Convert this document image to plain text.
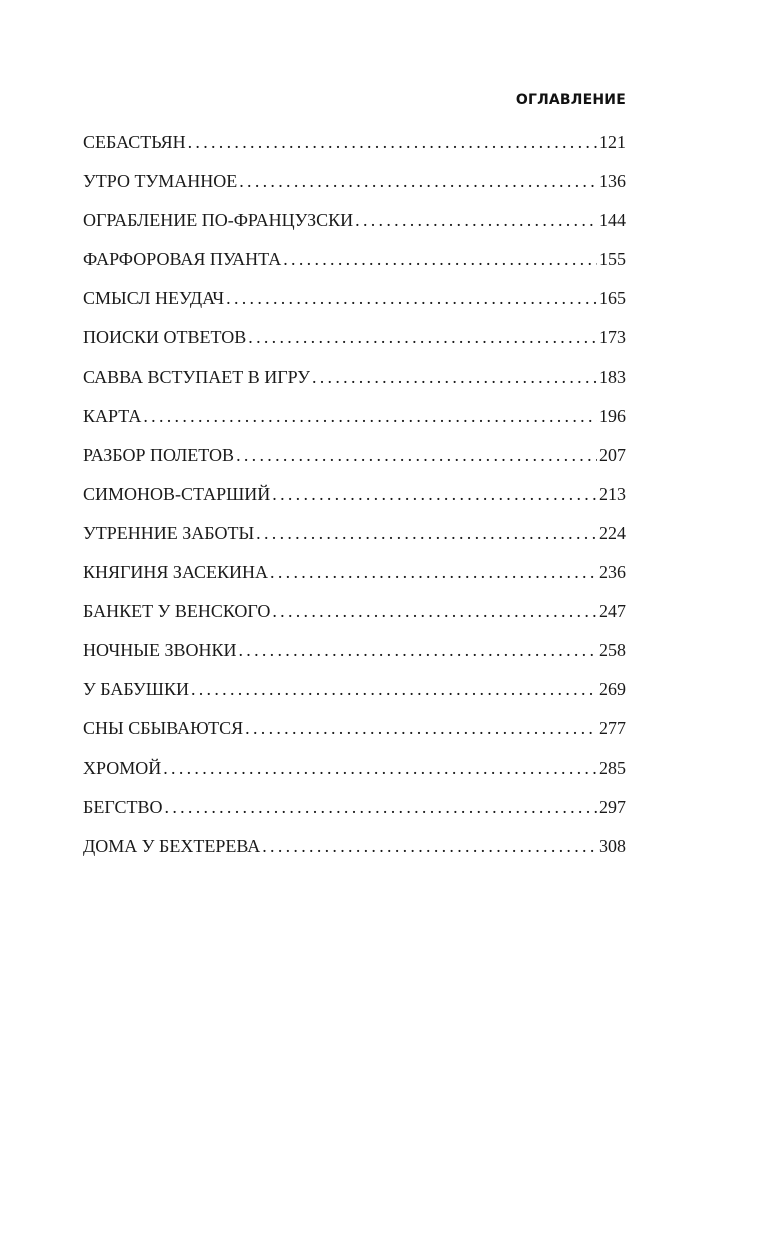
ОГЛАВЛЕНИЕ
СЕБАСТЬЯН . . .	121
УТРО ТУМАННОЕ . . .	136
ОГРАБЛЕНИЕ ПО-ФРАНЦУЗСКИ . . .	144
ФАРФОРОВАЯ ПУАНТА . . .	155
СМЫСЛ НЕУДАЧ . . .	165
ПОИСКИ ОТВЕТОВ . . .	173
САВВА ВСТУПАЕТ В ИГРУ . . .	183
КАРТА . . .	196
РАЗБОР ПОЛЕТОВ . . .	207
СИМОНОВ-СТАРШИЙ . . .	213
УТРЕННИЕ ЗАБОТЫ . . .	224
КНЯГИНЯ ЗАСЕКИНА . . .	236
БАНКЕТ У ВЕНСКОГО . . .	247
НОЧНЫЕ ЗВОНКИ . . .	258
У БАБУШКИ . . .	269
СНЫ СБЫВАЮТСЯ . . .	277
ХРОМОЙ . . .	285
БЕГСТВО . . .	297
ДОМА У БЕХТЕРЕВА . . .	308
